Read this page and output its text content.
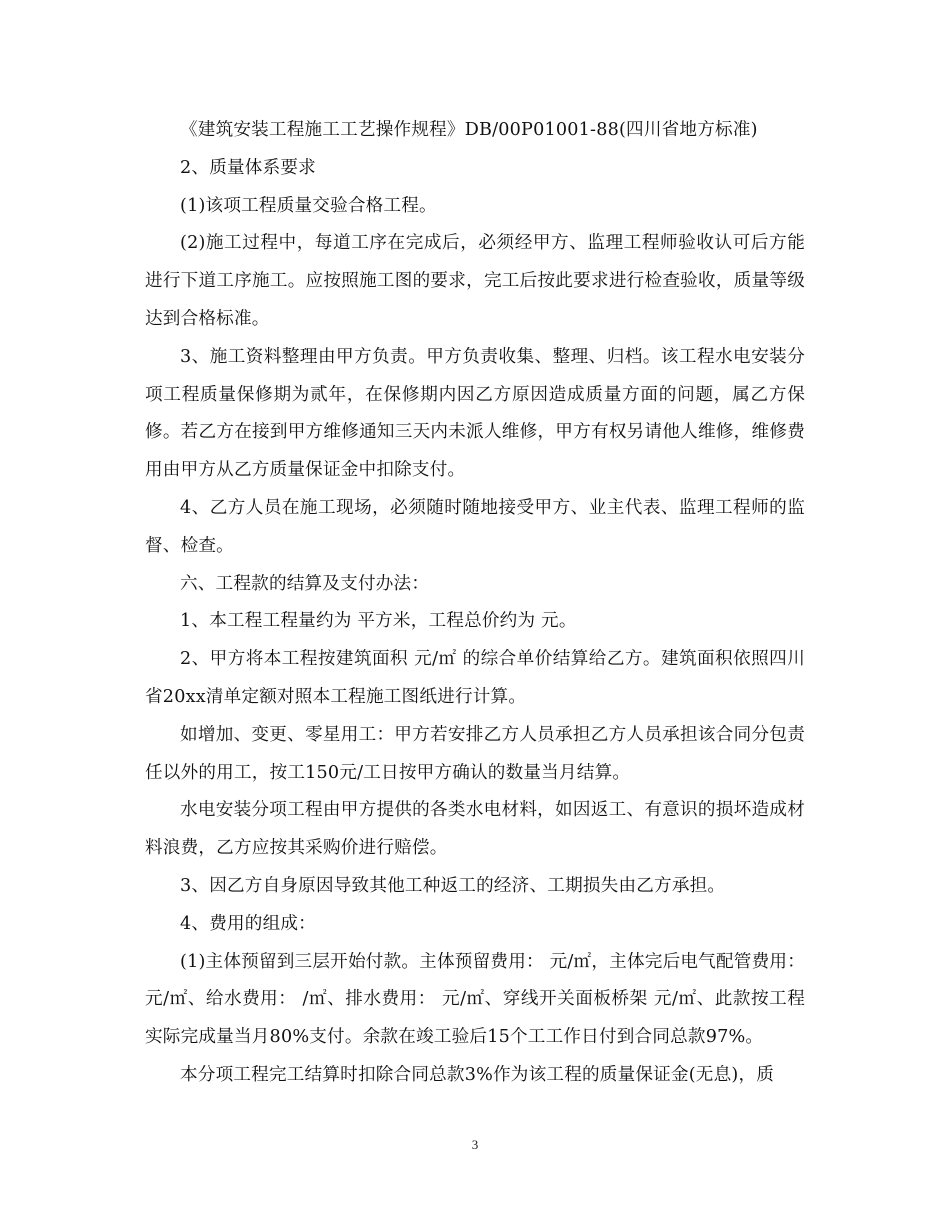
《建筑安装工程施工工艺操作规程》DB/00P01001-88(四川省地方标准)

2、质量体系要求

(1)该项工程质量交验合格工程。

(2)施工过程中，每道工序在完成后，必须经甲方、监理工程师验收认可后方能进行下道工序施工。应按照施工图的要求，完工后按此要求进行检查验收，质量等级达到合格标准。

3、施工资料整理由甲方负责。甲方负责收集、整理、归档。该工程水电安装分项工程质量保修期为贰年，在保修期内因乙方原因造成质量方面的问题，属乙方保修。若乙方在接到甲方维修通知三天内未派人维修，甲方有权另请他人维修，维修费用由甲方从乙方质量保证金中扣除支付。

4、乙方人员在施工现场，必须随时随地接受甲方、业主代表、监理工程师的监督、检查。

六、工程款的结算及支付办法：

1、本工程工程量约为 平方米，工程总价约为 元。

2、甲方将本工程按建筑面积 元/㎡ 的综合单价结算给乙方。建筑面积依照四川省20xx清单定额对照本工程施工图纸进行计算。

如增加、变更、零星用工：甲方若安排乙方人员承担乙方人员承担该合同分包责任以外的用工，按工150元/工日按甲方确认的数量当月结算。

水电安装分项工程由甲方提供的各类水电材料，如因返工、有意识的损坏造成材料浪费，乙方应按其采购价进行赔偿。

3、因乙方自身原因导致其他工种返工的经济、工期损失由乙方承担。

4、费用的组成：

(1)主体预留到三层开始付款。主体预留费用： 元/㎡，主体完后电气配管费用： 元/㎡、给水费用： /㎡、排水费用： 元/㎡、穿线开关面板桥架 元/㎡、此款按工程实际完成量当月80%支付。余款在竣工验后15个工工作日付到合同总款97%。

本分项工程完工结算时扣除合同总款3%作为该工程的质量保证金(无息)，质

3
